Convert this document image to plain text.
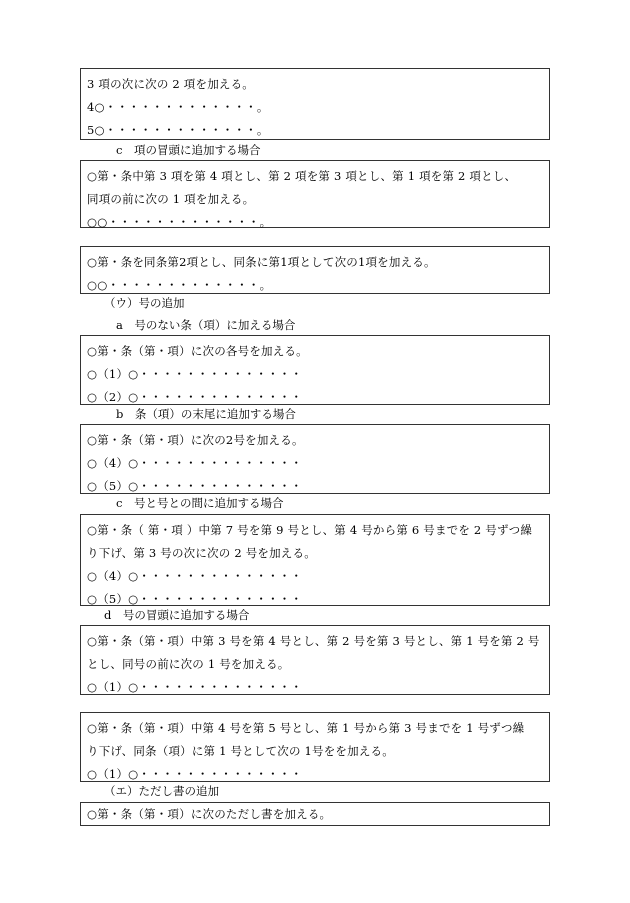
3 項の次に次の 2 項を加える。
4○・・・・・・・・・・・・・。
5○・・・・・・・・・・・・・。
c　項の冒頭に追加する場合
○第・条中第 3 項を第 4 項とし、第 2 項を第 3 項とし、第 1 項を第 2 項とし、
同項の前に次の 1 項を加える。
○○・・・・・・・・・・・・・。
○第・条を同条第2項とし、同条に第1項として次の1項を加える。
○○・・・・・・・・・・・・・。
（ウ）号の追加
a　号のない条（項）に加える場合
○第・条（第・項）に次の各号を加える。
○（1）○・・・・・・・・・・・・・・
○（2）○・・・・・・・・・・・・・・
b　条（項）の末尾に追加する場合
○第・条（第・項）に次の2号を加える。
○（4）○・・・・・・・・・・・・・・
○（5）○・・・・・・・・・・・・・・
c　号と号との間に追加する場合
○第・条（ 第・項 ）中第 7 号を第 9 号とし、第 4 号から第 6 号までを 2 号ずつ繰
り下げ、第 3 号の次に次の 2 号を加える。
○（4）○・・・・・・・・・・・・・・
○（5）○・・・・・・・・・・・・・・
d　号の冒頭に追加する場合
○第・条（第・項）中第 3 号を第 4 号とし、第 2 号を第 3 号とし、第 1 号を第 2 号
とし、同号の前に次の 1 号を加える。
○（1）○・・・・・・・・・・・・・・
○第・条（第・項）中第 4 号を第 5 号とし、第 1 号から第 3 号までを 1 号ずつ繰
り下げ、同条（項）に第 1 号として次の 1号をを加える。
○（1）○・・・・・・・・・・・・・・
（エ）ただし書の追加
○第・条（第・項）に次のただし書を加える。
